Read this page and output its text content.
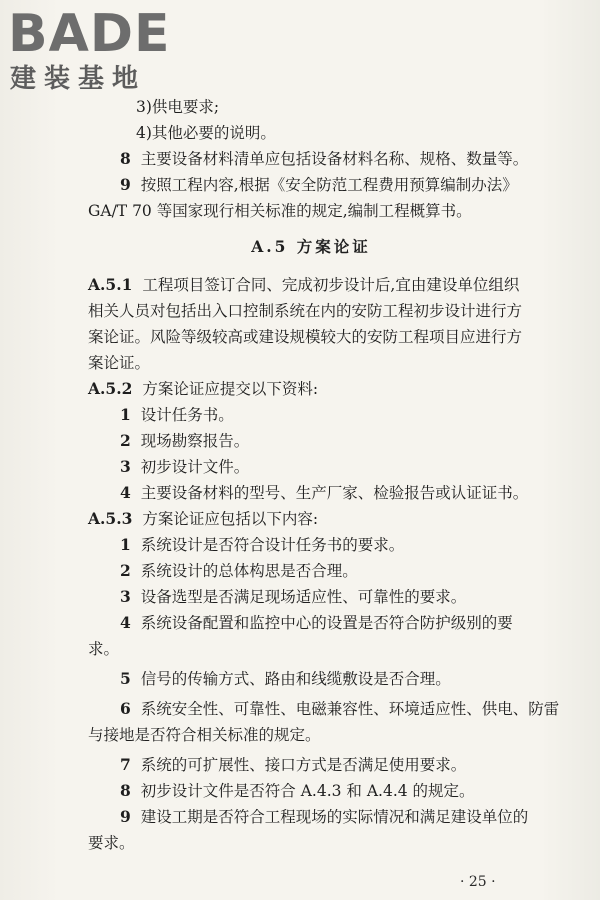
BADE
建装基地
3)供电要求;
4)其他必要的说明。
8 主要设备材料清单应包括设备材料名称、规格、数量等。
9 按照工程内容,根据《安全防范工程费用预算编制办法》
GA/T 70 等国家现行相关标准的规定,编制工程概算书。
A.5 方案论证
A.5.1 工程项目签订合同、完成初步设计后,宜由建设单位组织
相关人员对包括出入口控制系统在内的安防工程初步设计进行方
案论证。风险等级较高或建设规模较大的安防工程项目应进行方
案论证。
A.5.2 方案论证应提交以下资料:
1 设计任务书。
2 现场勘察报告。
3 初步设计文件。
4 主要设备材料的型号、生产厂家、检验报告或认证证书。
A.5.3 方案论证应包括以下内容:
1 系统设计是否符合设计任务书的要求。
2 系统设计的总体构思是否合理。
3 设备选型是否满足现场适应性、可靠性的要求。
4 系统设备配置和监控中心的设置是否符合防护级别的要
求。
5 信号的传输方式、路由和线缆敷设是否合理。
6 系统安全性、可靠性、电磁兼容性、环境适应性、供电、防雷
与接地是否符合相关标准的规定。
7 系统的可扩展性、接口方式是否满足使用要求。
8 初步设计文件是否符合 A.4.3 和 A.4.4 的规定。
9 建设工期是否符合工程现场的实际情况和满足建设单位的
要求。
· 25 ·
